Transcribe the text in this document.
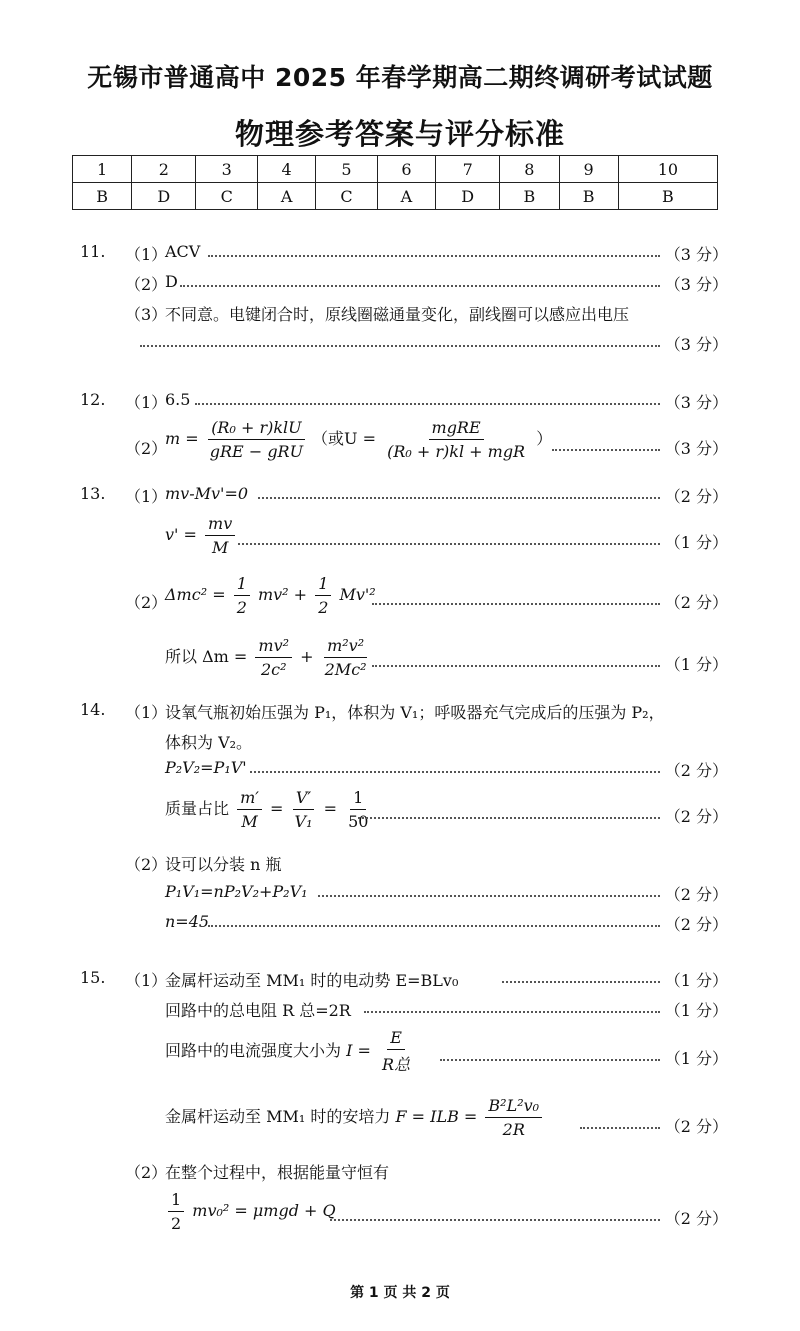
无锡市普通高中 2025 年春学期高二期终调研考试试题
物理参考答案与评分标准
1	2	3	4	5	6	7	8	9	10
B	D	C	A	C	A	D	B	B	B
11. （1）
ACV	（3 分）
（2）
D	（3 分）
（3）
不同意。电键闭合时，原线圈磁通量变化，副线圈可以感应出电压
（3 分）
12. （1）
6.5	（3 分）
（2）
$m = \frac{\text{(R₀ + r)klU}}{\text{gRE − gRU}}$ （或$U = \frac{\text{mgRE}}{\text{(R₀ + r)kl + mgR}}$ ）
（3 分）
13. （1）
mv-Mv'=0	（2 分）
$v' = \frac{mv}{M}$	（1 分）
（2）
$\Delta mc^2 = \frac{1}{2} mv^2 + \frac{1}{2} Mv'^2$	（2 分）
所以 $\Delta m = \frac{\text{mv²}}{\text{2c²}} + \frac{\text{m²v²}}{\text{2Mc²}}$	（1 分）
14. （1）
设氧气瓶初始压强为 P₁，体积为 V₁；呼吸器充气完成后的压强为 P₂，
体积为 V₂。
P₂V₂=P₁V'	（2 分）
质量占比 $\frac{m'}{M} = \frac{V'}{\text{V₁}} = \frac{1}{50}$	（2 分）
（2）
设可以分装 n 瓶
P₁V₁=nP₂V₂+P₂V₁	（2 分）
n=45	（2 分）
15. （1）
金属杆运动至 MM₁ 时的电动势 E=BLv₀	（1 分）
回路中的总电阻 R 总=2R	（1 分）
回路中的电流强度大小为 $I = \frac{E}{\text{R总}}$	（1 分）
金属杆运动至 MM₁ 时的安培力 F = ILB = $\frac{\text{B²L²v₀}}{2R}$	（2 分）
（2）
在整个过程中，根据能量守恒有
$\frac{1}{2} mv_0^2 = \mu mgd + Q$	（2 分）
第 1 页 共 2 页
